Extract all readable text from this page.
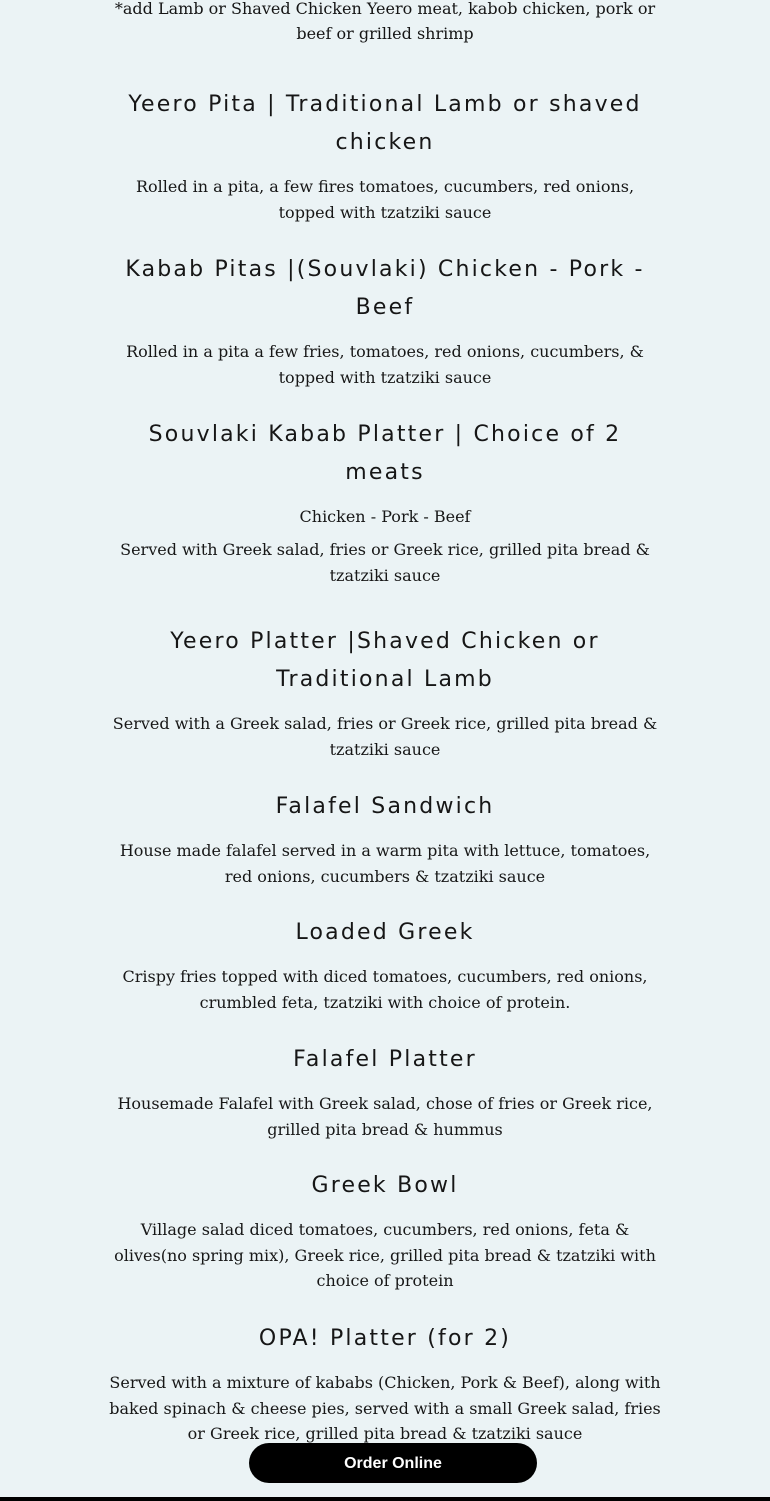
*add Lamb or Shaved Chicken Yeero meat, kabob chicken, pork or beef or grilled shrimp
Yeero Pita | Traditional Lamb or shaved chicken

Rolled in a pita, a few fires tomatoes, cucumbers, red onions, topped with tzatziki sauce

Kabab Pitas |(Souvlaki) Chicken - Pork - Beef

Rolled in a pita a few fries, tomatoes, red onions, cucumbers, & topped with tzatziki sauce

Souvlaki Kabab Platter | Choice of 2 meats

Chicken - Pork - Beef

Served with Greek salad, fries or Greek rice, grilled pita bread & tzatziki sauce

Yeero Platter |Shaved Chicken or Traditional Lamb

Served with a Greek salad, fries or Greek rice, grilled pita bread & tzatziki sauce

Falafel Sandwich

House made falafel served in a warm pita with lettuce, tomatoes, red onions, cucumbers & tzatziki sauce

Loaded Greek

Crispy fries topped with diced tomatoes, cucumbers, red onions, crumbled feta, tzatziki with choice of protein.

Falafel Platter

Housemade Falafel with Greek salad, chose of fries or Greek rice, grilled pita bread & hummus

Greek Bowl

Village salad diced tomatoes, cucumbers, red onions, feta & olives(no spring mix), Greek rice, grilled pita bread & tzatziki with choice of protein

OPA! Platter (for 2)

Served with a mixture of kababs (Chicken, Pork & Beef), along with baked spinach & cheese pies, served with a small Greek salad, fries or Greek rice, grilled pita bread & tzatziki sauce

Order Online
